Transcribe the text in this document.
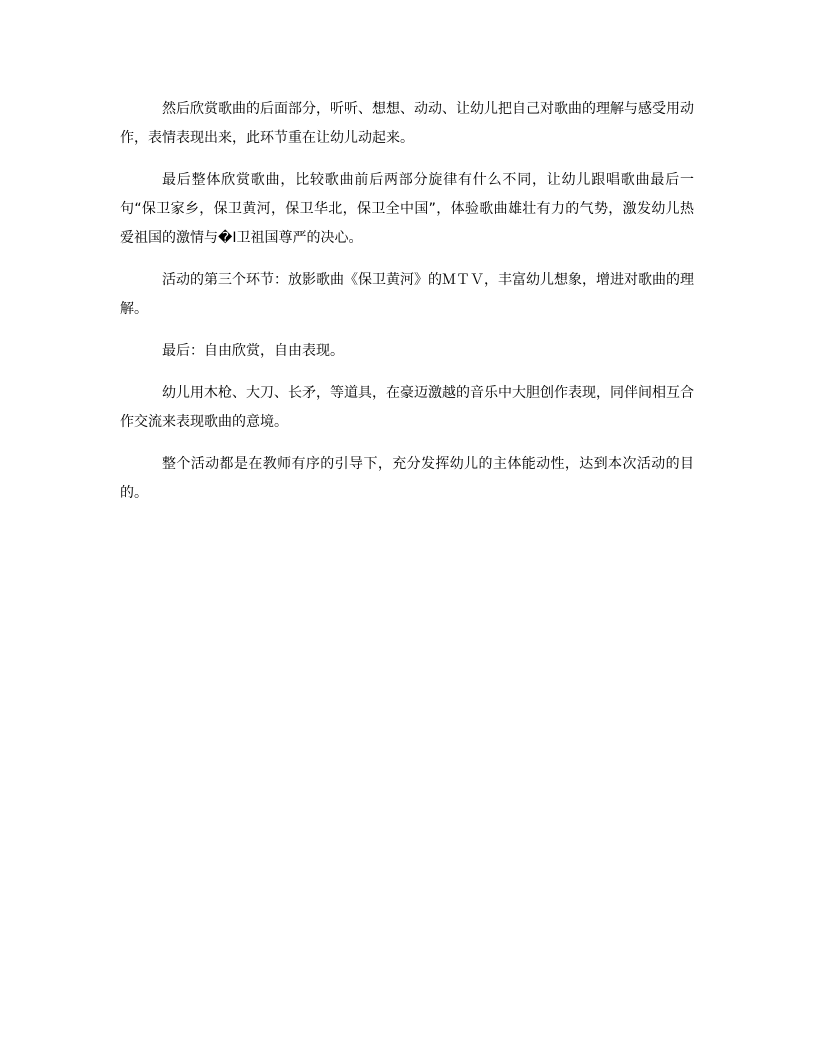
然后欣赏歌曲的后面部分，听听、想想、动动、让幼儿把自己对歌曲的理解与感受用动作，表情表现出来，此环节重在让幼儿动起来。

最后整体欣赏歌曲，比较歌曲前后两部分旋律有什么不同，让幼儿跟唱歌曲最后一句“保卫家乡，保卫黄河，保卫华北，保卫全中国”，体验歌曲雄壮有力的气势，激发幼儿热爱祖国的激情与�I卫祖国尊严的决心。

活动的第三个环节：放影歌曲《保卫黄河》的ＭＴＶ，丰富幼儿想象，增进对歌曲的理解。

最后：自由欣赏，自由表现。

幼儿用木枪、大刀、长矛，等道具，在豪迈激越的音乐中大胆创作表现，同伴间相互合作交流来表现歌曲的意境。

整个活动都是在教师有序的引导下，充分发挥幼儿的主体能动性，达到本次活动的目的。
